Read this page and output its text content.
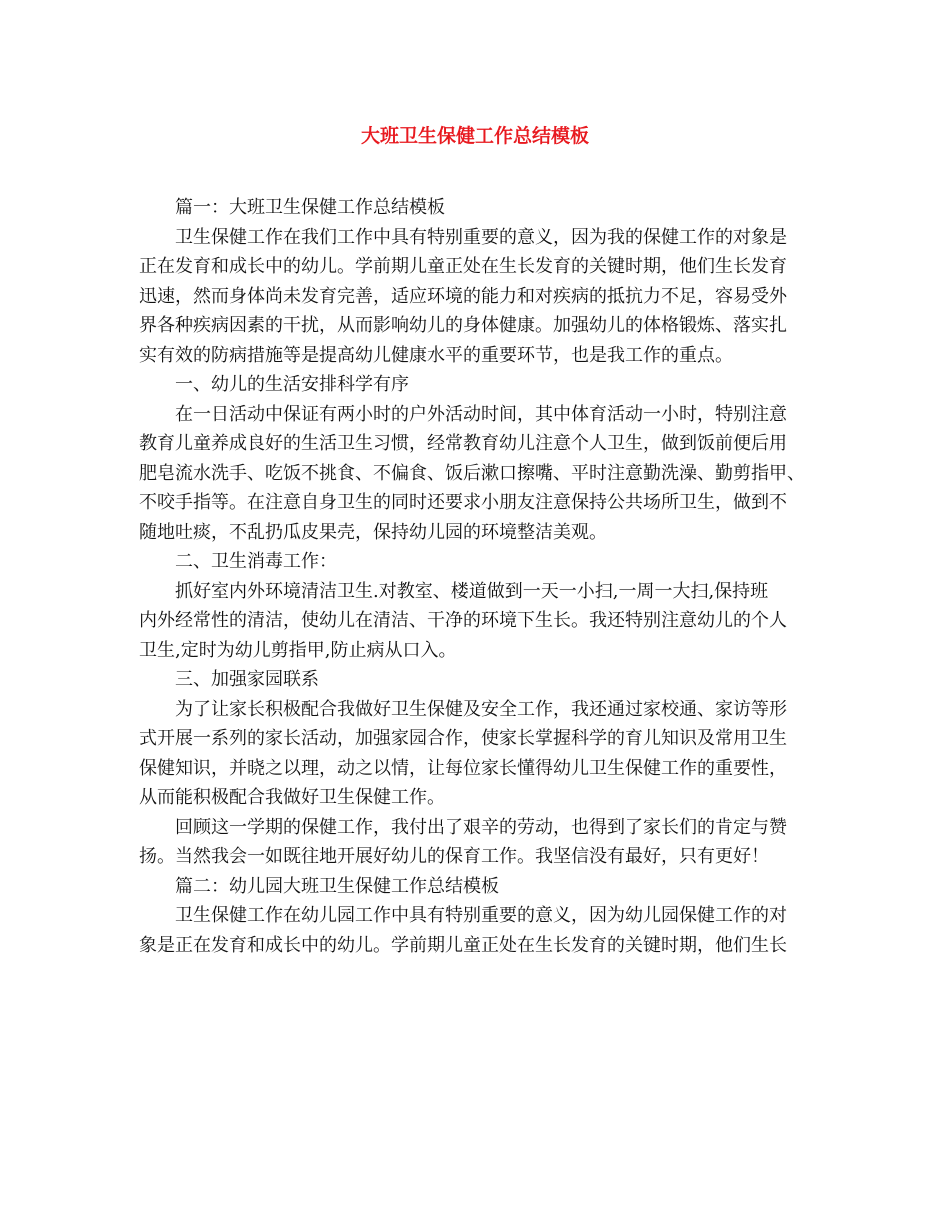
大班卫生保健工作总结模板
篇一：大班卫生保健工作总结模板
卫生保健工作在我们工作中具有特别重要的意义，因为我的保健工作的对象是
正在发育和成长中的幼儿。学前期儿童正处在生长发育的关键时期，他们生长发育
迅速，然而身体尚未发育完善，适应环境的能力和对疾病的抵抗力不足，容易受外
界各种疾病因素的干扰，从而影响幼儿的身体健康。加强幼儿的体格锻炼、落实扎
实有效的防病措施等是提高幼儿健康水平的重要环节，也是我工作的重点。
一、幼儿的生活安排科学有序
在一日活动中保证有两小时的户外活动时间，其中体育活动一小时，特别注意
教育儿童养成良好的生活卫生习惯，经常教育幼儿注意个人卫生，做到饭前便后用
肥皂流水洗手、吃饭不挑食、不偏食、饭后漱口擦嘴、平时注意勤洗澡、勤剪指甲、
不咬手指等。在注意自身卫生的同时还要求小朋友注意保持公共场所卫生，做到不
随地吐痰，不乱扔瓜皮果壳，保持幼儿园的环境整洁美观。
二、卫生消毒工作：
抓好室内外环境清洁卫生.对教室、楼道做到一天一小扫,一周一大扫,保持班
内外经常性的清洁，使幼儿在清洁、干净的环境下生长。我还特别注意幼儿的个人
卫生,定时为幼儿剪指甲,防止病从口入。
三、加强家园联系
为了让家长积极配合我做好卫生保健及安全工作，我还通过家校通、家访等形
式开展一系列的家长活动，加强家园合作，使家长掌握科学的育儿知识及常用卫生
保健知识，并晓之以理，动之以情，让每位家长懂得幼儿卫生保健工作的重要性，
从而能积极配合我做好卫生保健工作。
回顾这一学期的保健工作，我付出了艰辛的劳动，也得到了家长们的肯定与赞
扬。当然我会一如既往地开展好幼儿的保育工作。我坚信没有最好，只有更好！
篇二：幼儿园大班卫生保健工作总结模板
卫生保健工作在幼儿园工作中具有特别重要的意义，因为幼儿园保健工作的对
象是正在发育和成长中的幼儿。学前期儿童正处在生长发育的关键时期，他们生长
